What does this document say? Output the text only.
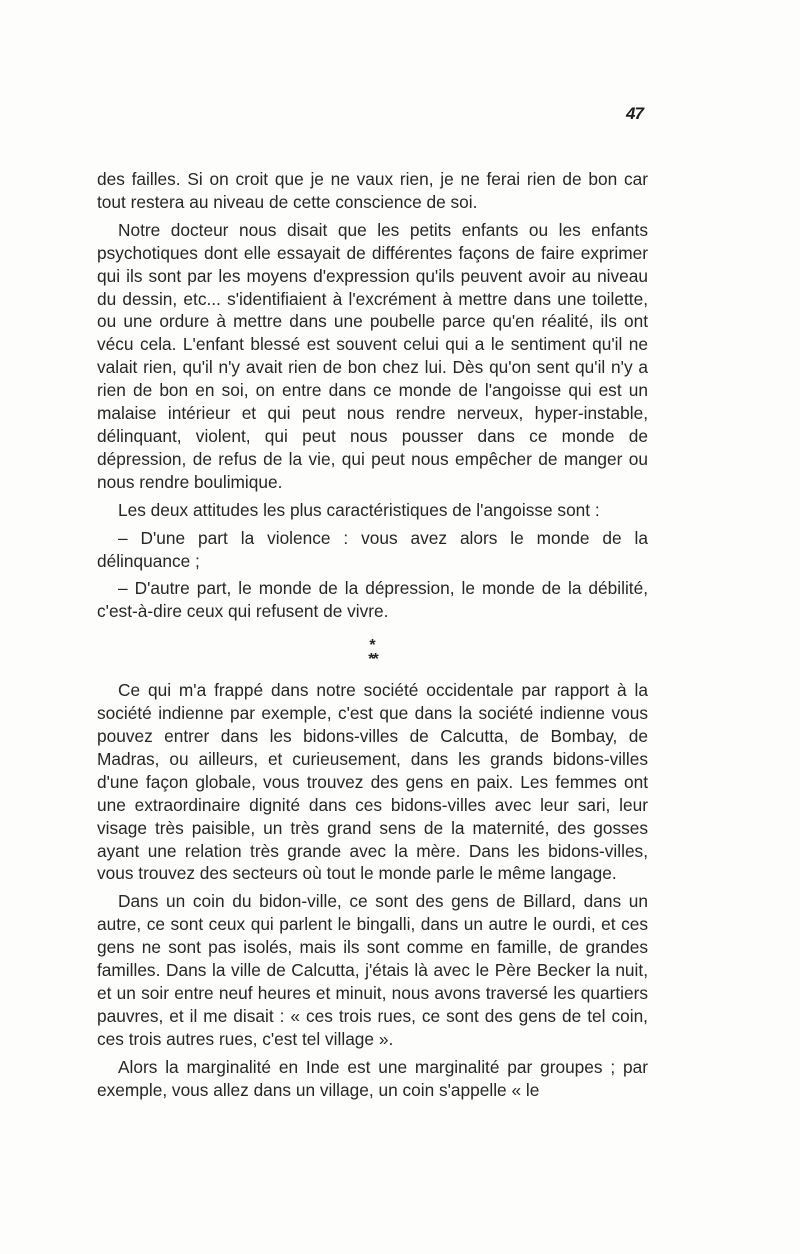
47

des failles. Si on croit que je ne vaux rien, je ne ferai rien de bon car tout restera au niveau de cette conscience de soi.

Notre docteur nous disait que les petits enfants ou les enfants psychotiques dont elle essayait de différentes façons de faire exprimer qui ils sont par les moyens d'expression qu'ils peuvent avoir au niveau du dessin, etc... s'identifiaient à l'excrément à mettre dans une toilette, ou une ordure à mettre dans une poubelle parce qu'en réalité, ils ont vécu cela. L'enfant blessé est souvent celui qui a le sentiment qu'il ne valait rien, qu'il n'y avait rien de bon chez lui. Dès qu'on sent qu'il n'y a rien de bon en soi, on entre dans ce monde de l'angoisse qui est un malaise intérieur et qui peut nous rendre nerveux, hyper-instable, délinquant, violent, qui peut nous pousser dans ce monde de dépression, de refus de la vie, qui peut nous empêcher de manger ou nous rendre boulimique.

Les deux attitudes les plus caractéristiques de l'angoisse sont :

– D'une part la violence : vous avez alors le monde de la délinquance ;

– D'autre part, le monde de la dépression, le monde de la débilité, c'est-à-dire ceux qui refusent de vivre.

*
**

Ce qui m'a frappé dans notre société occidentale par rapport à la société indienne par exemple, c'est que dans la société indienne vous pouvez entrer dans les bidons-villes de Calcutta, de Bombay, de Madras, ou ailleurs, et curieusement, dans les grands bidons-villes d'une façon globale, vous trouvez des gens en paix. Les femmes ont une extraordinaire dignité dans ces bidons-villes avec leur sari, leur visage très paisible, un très grand sens de la maternité, des gosses ayant une relation très grande avec la mère. Dans les bidons-villes, vous trouvez des secteurs où tout le monde parle le même langage.

Dans un coin du bidon-ville, ce sont des gens de Billard, dans un autre, ce sont ceux qui parlent le bingalli, dans un autre le ourdi, et ces gens ne sont pas isolés, mais ils sont comme en famille, de grandes familles. Dans la ville de Calcutta, j'étais là avec le Père Becker la nuit, et un soir entre neuf heures et minuit, nous avons traversé les quartiers pauvres, et il me disait : « ces trois rues, ce sont des gens de tel coin, ces trois autres rues, c'est tel village ».

Alors la marginalité en Inde est une marginalité par groupes ; par exemple, vous allez dans un village, un coin s'appelle « le
